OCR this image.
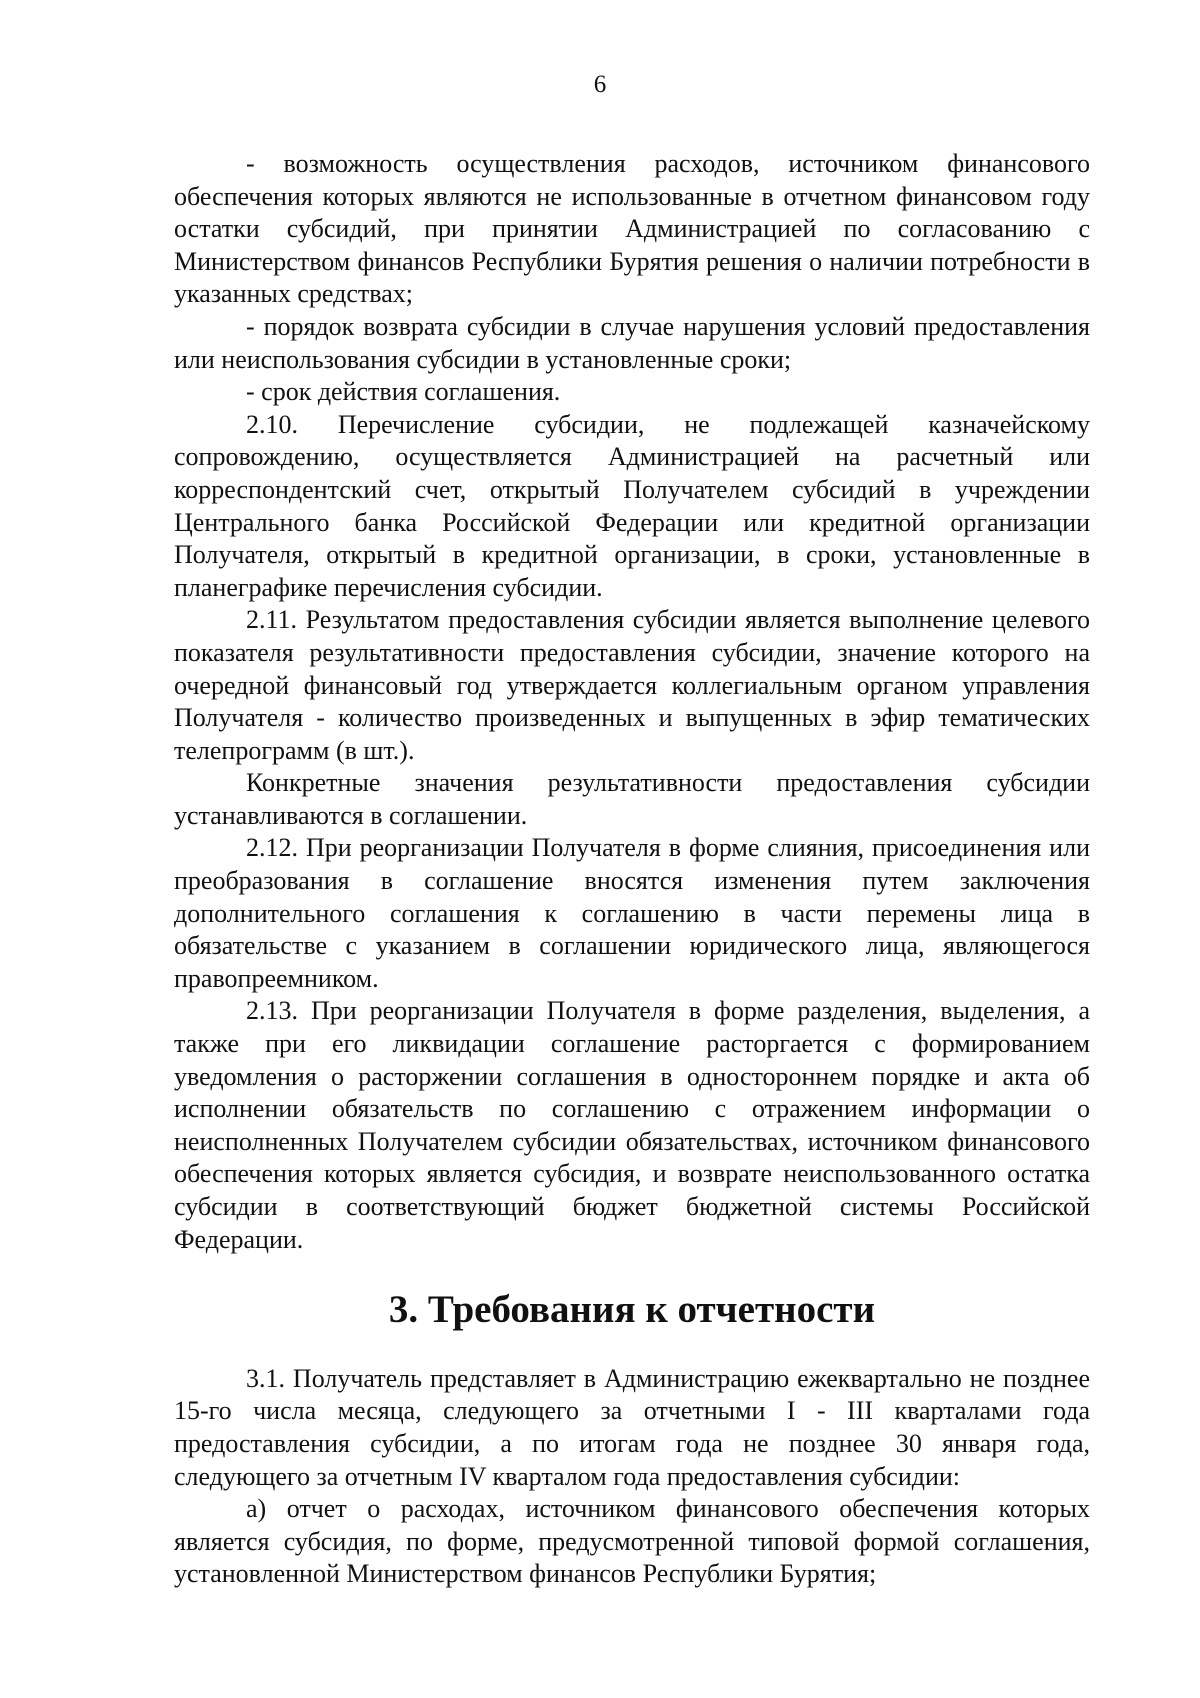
6

- возможность осуществления расходов, источником финансового обеспечения которых являются не использованные в отчетном финансовом году остатки субсидий, при принятии Администрацией по согласованию с Министерством финансов Республики Бурятия решения о наличии потребности в указанных средствах;

- порядок возврата субсидии в случае нарушения условий предоставления или неиспользования субсидии в установленные сроки;

- срок действия соглашения.

2.10. Перечисление субсидии, не подлежащей казначейскому сопровождению, осуществляется Администрацией на расчетный или корреспондентский счет, открытый Получателем субсидий в учреждении Центрального банка Российской Федерации или кредитной организации Получателя, открытый в кредитной организации, в сроки, установленные в планеграфике перечисления субсидии.

2.11. Результатом предоставления субсидии является выполнение целевого показателя результативности предоставления субсидии, значение которого на очередной финансовый год утверждается коллегиальным органом управления Получателя - количество произведенных и выпущенных в эфир тематических телепрограмм (в шт.).

Конкретные значения результативности предоставления субсидии устанавливаются в соглашении.

2.12. При реорганизации Получателя в форме слияния, присоединения или преобразования в соглашение вносятся изменения путем заключения дополнительного соглашения к соглашению в части перемены лица в обязательстве с указанием в соглашении юридического лица, являющегося правопреемником.

2.13. При реорганизации Получателя в форме разделения, выделения, а также при его ликвидации соглашение расторгается с формированием уведомления о расторжении соглашения в одностороннем порядке и акта об исполнении обязательств по соглашению с отражением информации о неисполненных Получателем субсидии обязательствах, источником финансового обеспечения которых является субсидия, и возврате неиспользованного остатка субсидии в соответствующий бюджет бюджетной системы Российской Федерации.

3. Требования к отчетности

3.1. Получатель представляет в Администрацию ежеквартально не позднее 15-го числа месяца, следующего за отчетными I - III кварталами года предоставления субсидии, а по итогам года не позднее 30 января года, следующего за отчетным IV кварталом года предоставления субсидии:

а) отчет о расходах, источником финансового обеспечения которых является субсидия, по форме, предусмотренной типовой формой соглашения, установленной Министерством финансов Республики Бурятия;
